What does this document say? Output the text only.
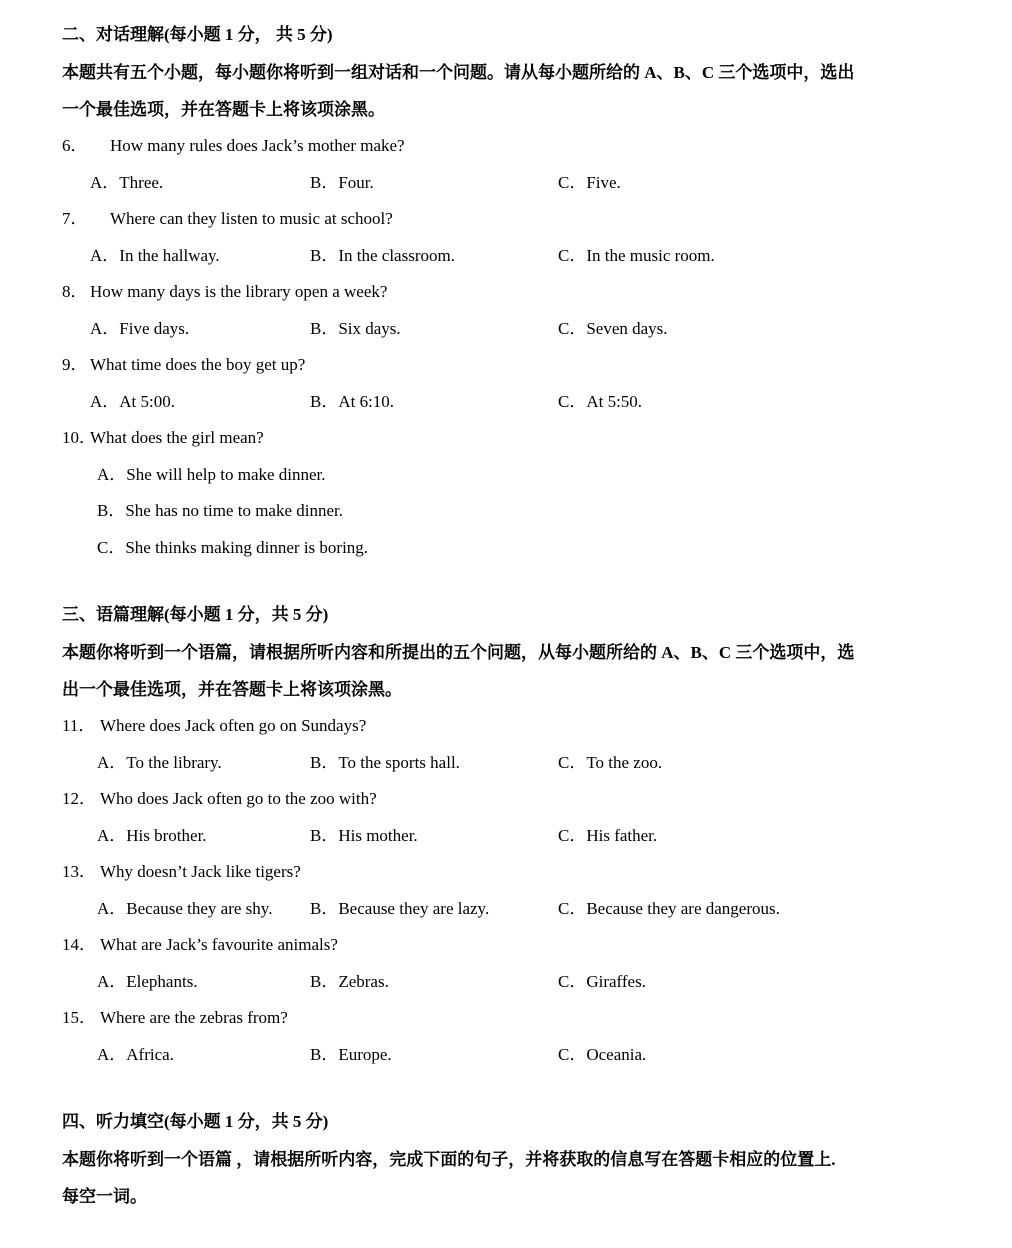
二、对话理解(每小题 1 分， 共 5 分)
本题共有五个小题，每小题你将听到一组对话和一个问题。请从每小题所给的 A、B、C 三个选项中，选出
一个最佳选项，并在答题卡上将该项涂黑。
6． How many rules does Jack’s mother make?
A．Three.	B．Four.	C．Five.
7． Where can they listen to music at school?
A．In the hallway.	B．In the classroom.	C．In the music room.
8． How many days is the library open a week?
A．Five days.	B．Six days.	C．Seven days.
9． What time does the boy get up?
A．At 5:00.	B．At 6:10.	C．At 5:50.
10．
What does the girl mean?
A．She will help to make dinner.
B．She has no time to make dinner.
C．She thinks making dinner is boring.
三、语篇理解(每小题 1 分，共 5 分)
本题你将听到一个语篇，请根据所听内容和所提出的五个问题，从每小题所给的 A、B、C 三个选项中，选
出一个最佳选项，并在答题卡上将该项涂黑。
11． Where does Jack often go on Sundays?
A．To the library.	B．To the sports hall.	C．To the zoo.
12． Who does Jack often go to the zoo with?
A．His brother.	B．His mother.	C．His father.
13． Why doesn’t Jack like tigers?
A．Because they are shy. B．Because they are lazy.	C．Because they are dangerous.
14． What are Jack’s favourite animals?
A．Elephants.	B．Zebras.	C．Giraffes.
15． Where are the zebras from?
A．Africa.	B．Europe.	C．Oceania.
四、听力填空(每小题 1 分，共 5 分)
本题你将听到一个语篇 ，请根据所听内容，完成下面的句子，并将获取的信息写在答题卡相应的位置上.
每空一词。
